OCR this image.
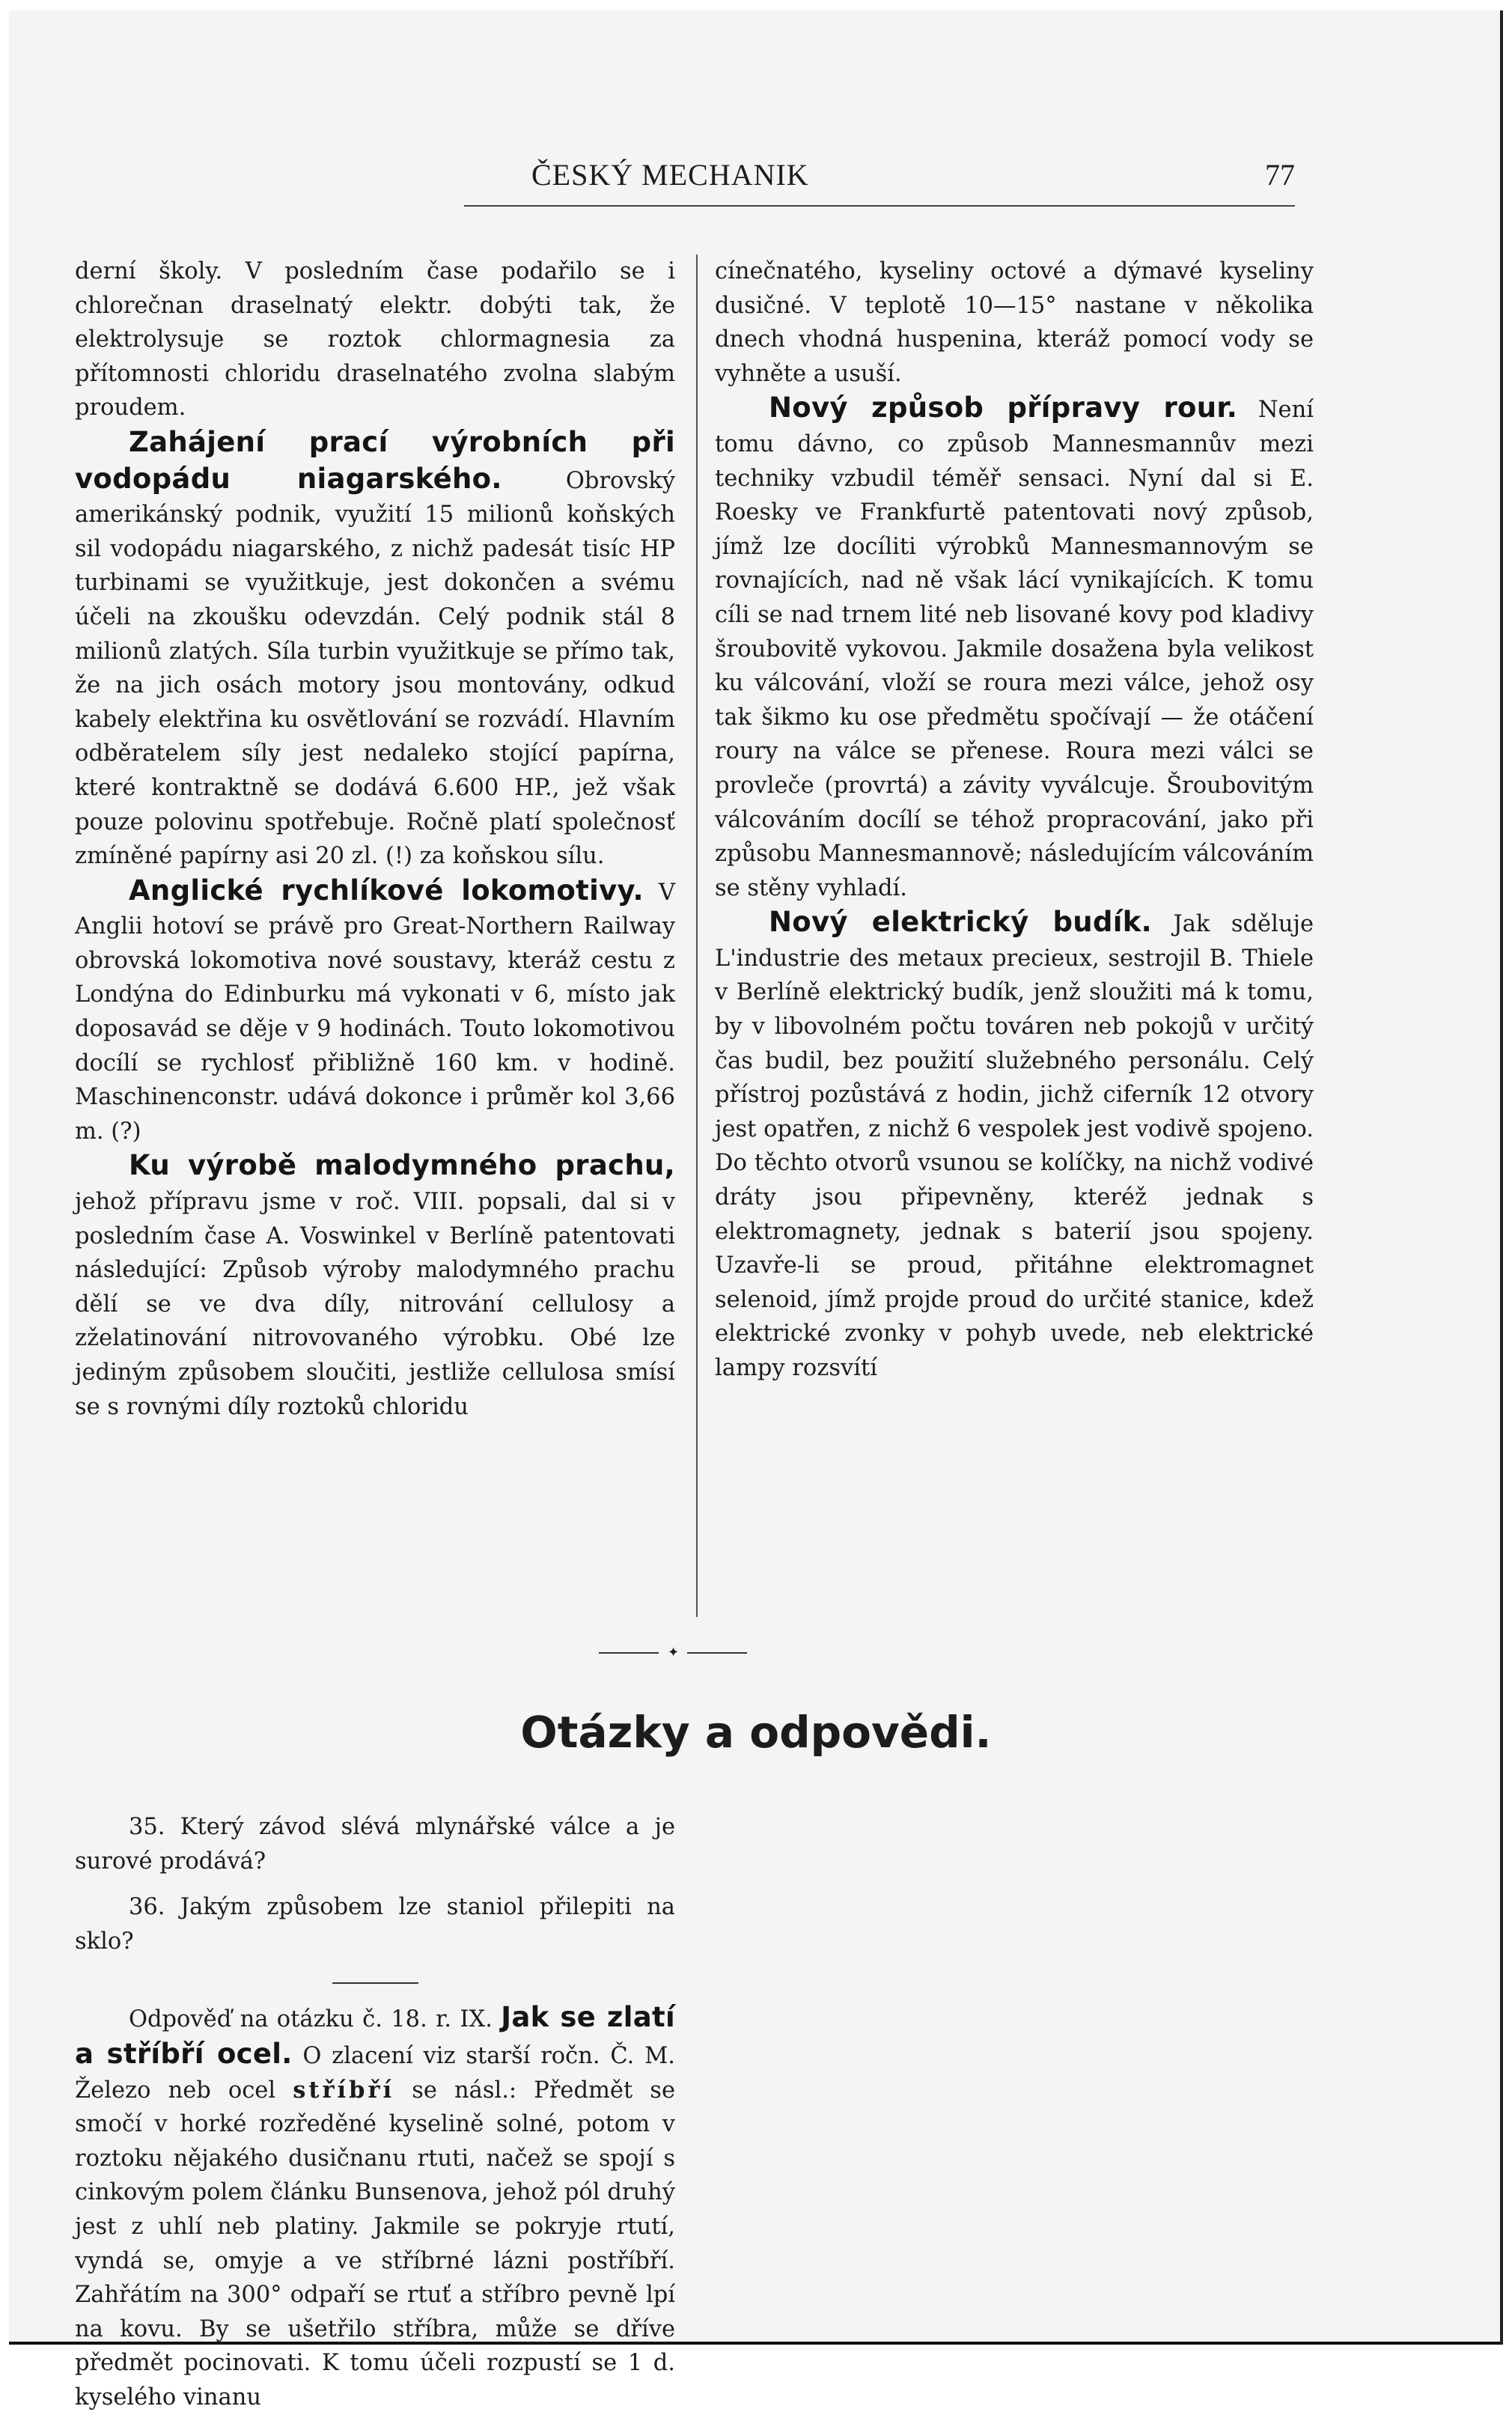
ČESKÝ MECHANIK	77

derní školy. V posledním čase podařilo se i chlorečnan draselnatý elektr. dobýti tak, že elektrolysuje se roztok chlormagnesia za přítomnosti chloridu draselnatého zvolna slabým proudem.

Zahájení prací výrobních při vodopádu niagarského.	Obrovský amerikánský podnik, využití 15 milionů koňských sil vodopádu niagarského, z nichž padesát tisíc HP turbinami se využitkuje, jest dokončen a svému účeli na zkoušku odevzdán. Celý podnik stál 8 milionů zlatých. Síla turbin využitkuje se přímo tak, že na jich osách motory jsou montovány, odkud kabely elektřina ku osvětlování se rozvádí. Hlavním odběratelem síly jest nedaleko stojící papírna, které kontraktně se dodává 6.600 HP., jež však pouze polovinu spotřebuje. Ročně platí společnosť zmíněné papírny asi 20 zl. (!) za koňskou sílu.

Anglické rychlíkové lokomotivy. V Anglii hotoví se právě pro Great-Northern Railway obrovská lokomotiva nové soustavy, kteráž cestu z Londýna do Edinburku má vykonati v 6, místo jak doposavád se děje v 9 hodinách. Touto lokomotivou docílí se rychlosť přibližně 160 km. v hodině. Maschinenconstr. udává dokonce i průměr kol 3,66 m. (?)

Ku výrobě malodymného prachu, jehož přípravu jsme v roč. VIII. popsali, dal si v posledním čase A. Voswinkel v Berlíně patentovati následující: Způsob výroby malodymného prachu dělí se ve dva díly, nitrování cellulosy a zželatinování nitrovovaného výrobku. Obé lze jediným způsobem sloučiti, jestliže cellulosa smísí se s rovnými díly roztoků chloridu

cínečnatého, kyseliny octové a dýmavé kyseliny dusičné. V teplotě 10—15° nastane v několika dnech vhodná huspenina, kteráž pomocí vody se vyhněte a usuší.

Nový způsob přípravy rour. Není tomu dávno, co způsob Mannesmannův mezi techniky vzbudil téměř sensaci. Nyní dal si E. Roesky ve Frankfurtě patentovati nový způsob, jímž lze docíliti výrobků Mannesmannovým se rovnajících, nad ně však lácí vynikajících. K tomu cíli se nad trnem lité neb lisované kovy pod kladivy šroubovitě vykovou. Jakmile dosažena byla velikost ku válcování, vloží se roura mezi válce, jehož osy tak šikmo ku ose předmětu spočívají — že otáčení roury na válce se přenese. Roura mezi válci se provleče (provrtá) a závity vyválcuje. Šroubovitým válcováním docílí se téhož propracování, jako při způsobu Mannesmannově; následujícím válcováním se stěny vyhladí.

Nový elektrický budík. Jak sděluje L'industrie des metaux precieux, sestrojil B. Thiele v Berlíně elektrický budík, jenž sloužiti má k tomu, by v libovolném počtu továren neb pokojů v určitý čas budil, bez použití služebného personálu. Celý přístroj pozůstává z hodin, jichž ciferník 12 otvory jest opatřen, z nichž 6 vespolek jest vodivě spojeno. Do těchto otvorů vsunou se kolíčky, na nichž vodivé dráty jsou připevněny, kteréž jednak s elektromagnety, jednak s baterií jsou spojeny. Uzavře-li se proud, přitáhne elektromagnet selenoid, jímž projde proud do určité stanice, kdež elektrické zvonky v pohyb uvede, neb elektrické lampy rozsvítí

✦
Otázky a odpovědi.

35. Který závod slévá mlynářské válce a je surové prodává?

36. Jakým způsobem lze staniol přilepiti na sklo?

Odpověď na otázku č. 18. r. IX. Jak se zlatí a stříbří ocel. O zlacení viz starší ročn. Č. M. Železo neb ocel stříbří se násl.: Předmět se smočí v horké rozředěné kyselině solné, potom v roztoku nějakého dusičnanu rtuti, načež se spojí s cinkovým polem článku Bunsenova, jehož pól druhý jest z uhlí neb platiny. Jakmile se pokryje rtutí, vyndá se, omyje a ve stříbrné lázni postříbří. Zahřátím na 300° odpaří se rtuť a stříbro pevně lpí na kovu. By se ušetřilo stříbra, může se dříve předmět pocinovati. K tomu účeli rozpustí se 1 d. kyselého vinanu
